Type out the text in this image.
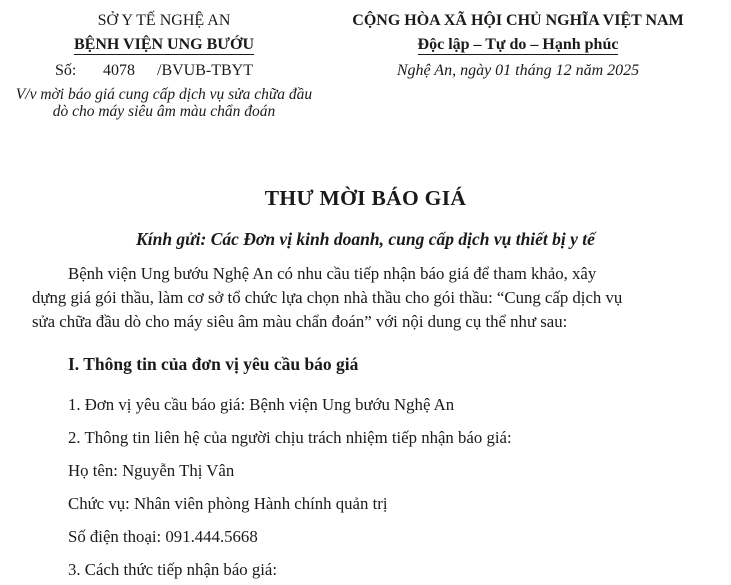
SỞ Y TẾ NGHỆ AN
BỆNH VIỆN UNG BƯỚU
Số: 4078 /BVUB-TBYT
V/v mời báo giá cung cấp dịch vụ sửa chữa đầu dò cho máy siêu âm màu chẩn đoán
CỘNG HÒA XÃ HỘI CHỦ NGHĨA VIỆT NAM
Độc lập – Tự do – Hạnh phúc
Nghệ An, ngày 01 tháng 12 năm 2025
THƯ MỜI BÁO GIÁ
Kính gửi: Các Đơn vị kinh doanh, cung cấp dịch vụ thiết bị y tế
Bệnh viện Ung bướu Nghệ An có nhu cầu tiếp nhận báo giá để tham khảo, xây
dựng giá gói thầu, làm cơ sở tổ chức lựa chọn nhà thầu cho gói thầu: “Cung cấp dịch vụ
sửa chữa đầu dò cho máy siêu âm màu chẩn đoán” với nội dung cụ thể như sau:
I. Thông tin của đơn vị yêu cầu báo giá
1. Đơn vị yêu cầu báo giá: Bệnh viện Ung bướu Nghệ An
2. Thông tin liên hệ của người chịu trách nhiệm tiếp nhận báo giá:
Họ tên: Nguyễn Thị Vân
Chức vụ: Nhân viên phòng Hành chính quản trị
Số điện thoại: 091.444.5668
3. Cách thức tiếp nhận báo giá:
